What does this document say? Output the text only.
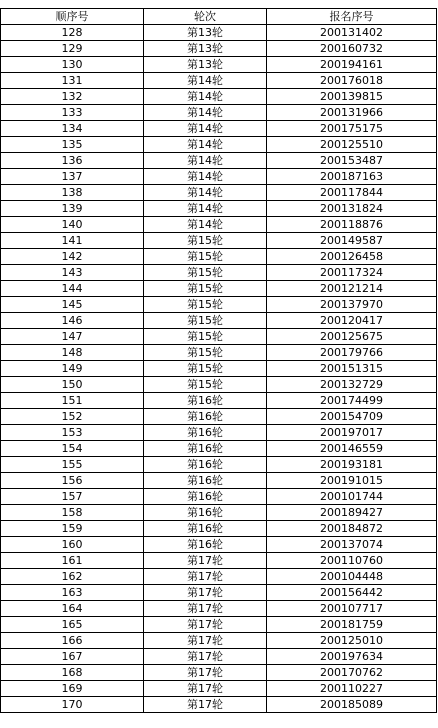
顺序号	轮次	报名序号
128	第13轮	200131402
129	第13轮	200160732
130	第13轮	200194161
131	第14轮	200176018
132	第14轮	200139815
133	第14轮	200131966
134	第14轮	200175175
135	第14轮	200125510
136	第14轮	200153487
137	第14轮	200187163
138	第14轮	200117844
139	第14轮	200131824
140	第14轮	200118876
141	第15轮	200149587
142	第15轮	200126458
143	第15轮	200117324
144	第15轮	200121214
145	第15轮	200137970
146	第15轮	200120417
147	第15轮	200125675
148	第15轮	200179766
149	第15轮	200151315
150	第15轮	200132729
151	第16轮	200174499
152	第16轮	200154709
153	第16轮	200197017
154	第16轮	200146559
155	第16轮	200193181
156	第16轮	200191015
157	第16轮	200101744
158	第16轮	200189427
159	第16轮	200184872
160	第16轮	200137074
161	第17轮	200110760
162	第17轮	200104448
163	第17轮	200156442
164	第17轮	200107717
165	第17轮	200181759
166	第17轮	200125010
167	第17轮	200197634
168	第17轮	200170762
169	第17轮	200110227
170	第17轮	200185089
